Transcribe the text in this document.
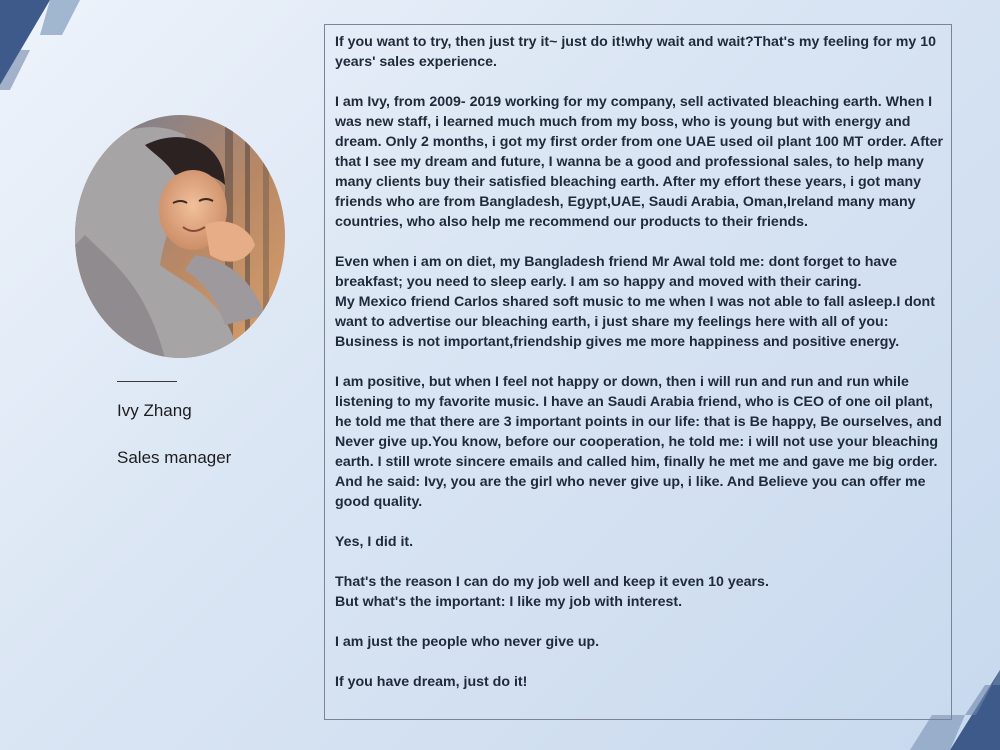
Ivy Zhang
Sales manager

If you want to try, then just try it~ just do it!why wait and wait?That's my feeling for my 10 years' sales experience.

I am Ivy, from 2009- 2019 working for my company, sell activated bleaching earth. When I was new staff, i learned much much from my boss, who is young but with energy and dream. Only 2 months, i got my first order from one UAE used oil plant 100 MT order. After that I see my dream and future, I wanna be a good and professional sales, to help many many clients buy their satisfied bleaching earth. After my effort these years, i got many friends who are from Bangladesh, Egypt,UAE, Saudi Arabia, Oman,Ireland many many countries, who also help me recommend our products to their friends.

Even when i am on diet, my Bangladesh friend Mr Awal told me: dont forget to have breakfast; you need to sleep early. I am so happy and moved with their caring.
My Mexico friend Carlos shared soft music to me when I was not able to fall asleep.I dont want to advertise our bleaching earth, i just share my feelings here with all of you: Business is not important,friendship gives me more happiness and positive energy.

I am positive, but when I feel not happy or down, then i will run and run and run while listening to my favorite music. I have an Saudi Arabia friend, who is CEO of one oil plant, he told me that there are 3 important points in our life: that is Be happy, Be ourselves, and Never give up.You know, before our cooperation, he told me: i will not use your bleaching earth. I still wrote sincere emails and called him, finally he met me and gave me big order. And he said: Ivy, you are the girl who never give up, i like. And Believe you can offer me good quality.

Yes, I did it.

That's the reason I can do my job well and keep it even 10 years.
But what's the important: I like my job with interest.

I am just the people who never give up.

If you have dream, just do it!
